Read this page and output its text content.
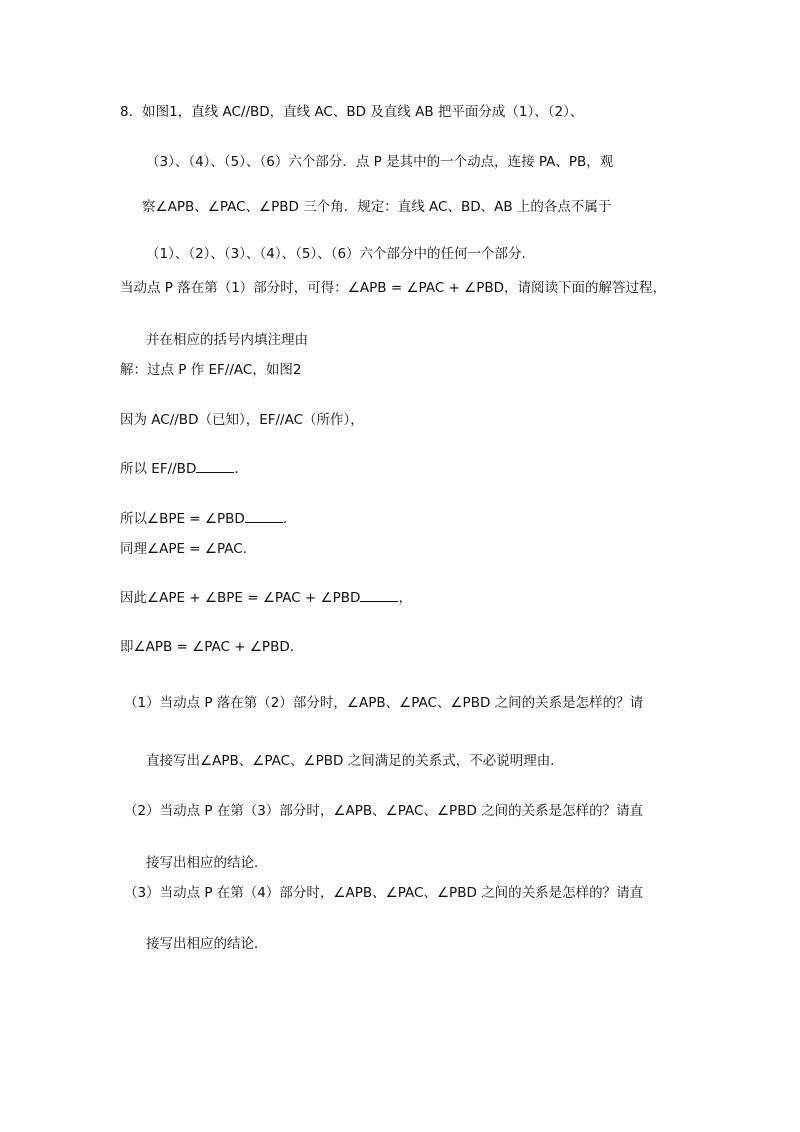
8．如图1，直线 AC//BD，直线 AC、BD 及直线 AB 把平面分成（1）、（2）、
（3）、（4）、（5）、（6）六个部分．点 P 是其中的一个动点，连接 PA、PB，观
察∠APB、∠PAC、∠PBD 三个角．规定：直线 AC、BD、AB 上的各点不属于
（1）、（2）、（3）、（4）、（5）、（6）六个部分中的任何一个部分．
当动点 P 落在第（1）部分时，可得：∠APB = ∠PAC + ∠PBD，请阅读下面的解答过程，
并在相应的括号内填注理由
解：过点 P 作 EF//AC，如图2
因为 AC//BD（已知），EF//AC（所作），
所以 EF//BD	．
所以∠BPE = ∠PBD	．
同理∠APE = ∠PAC．
因此∠APE + ∠BPE = ∠PAC + ∠PBD	，
即∠APB = ∠PAC + ∠PBD．
（1）当动点 P 落在第（2）部分时，∠APB、∠PAC、∠PBD 之间的关系是怎样的？请
直接写出∠APB、∠PAC、∠PBD 之间满足的关系式，不必说明理由．
（2）当动点 P 在第（3）部分时，∠APB、∠PAC、∠PBD 之间的关系是怎样的？请直
接写出相应的结论．
（3）当动点 P 在第（4）部分时，∠APB、∠PAC、∠PBD 之间的关系是怎样的？请直
接写出相应的结论．
